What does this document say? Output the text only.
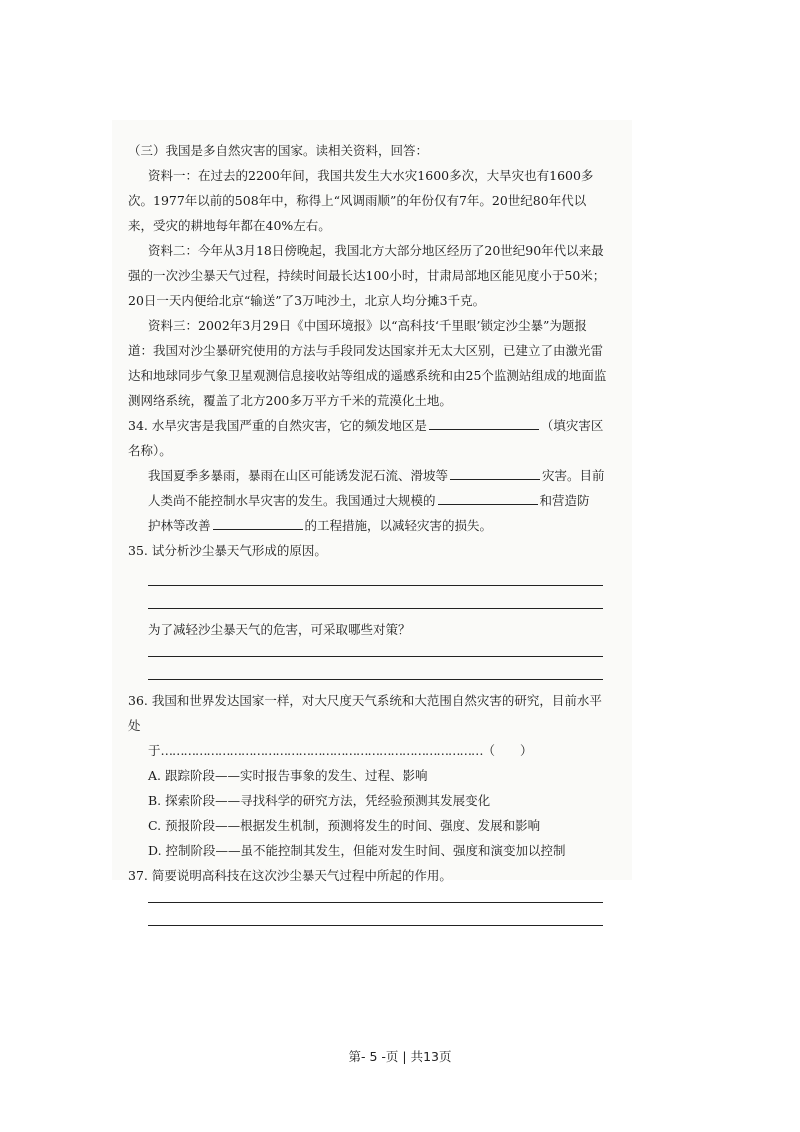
（三）我国是多自然灾害的国家。读相关资料，回答：

资料一：在过去的2200年间，我国共发生大水灾1600多次，大旱灾也有1600多次。1977年以前的508年中，称得上“风调雨顺”的年份仅有7年。20世纪80年代以来，受灾的耕地每年都在40%左右。

资料二：今年从3月18日傍晚起，我国北方大部分地区经历了20世纪90年代以来最强的一次沙尘暴天气过程，持续时间最长达100小时，甘肃局部地区能见度小于50米；20日一天内便给北京“输送”了3万吨沙土，北京人均分摊3千克。

资料三：2002年3月29日《中国环境报》以“高科技‘千里眼’锁定沙尘暴”为题报道：我国对沙尘暴研究使用的方法与手段同发达国家并无太大区别，已建立了由激光雷达和地球同步气象卫星观测信息接收站等组成的遥感系统和由25个监测站组成的地面监测网络系统，覆盖了北方200多万平方千米的荒漠化土地。

34. 水旱灾害是我国严重的自然灾害，它的频发地区是	（填灾害区名称）。

我国夏季多暴雨，暴雨在山区可能诱发泥石流、滑坡等	灾害。目前

人类尚不能控制水旱灾害的发生。我国通过大规模的	和营造防

护林等改善	的工程措施，以减轻灾害的损失。

35. 试分析沙尘暴天气形成的原因。

为了减轻沙尘暴天气的危害，可采取哪些对策？

36. 我国和世界发达国家一样，对大尺度天气系统和大范围自然灾害的研究，目前水平处

于…………………………………………………………………………（　　）

A. 跟踪阶段——实时报告事象的发生、过程、影响

B. 探索阶段——寻找科学的研究方法，凭经验预测其发展变化

C. 预报阶段——根据发生机制，预测将发生的时间、强度、发展和影响

D. 控制阶段——虽不能控制其发生，但能对发生时间、强度和演变加以控制

37. 简要说明高科技在这次沙尘暴天气过程中所起的作用。

第- 5 -页 | 共13页
